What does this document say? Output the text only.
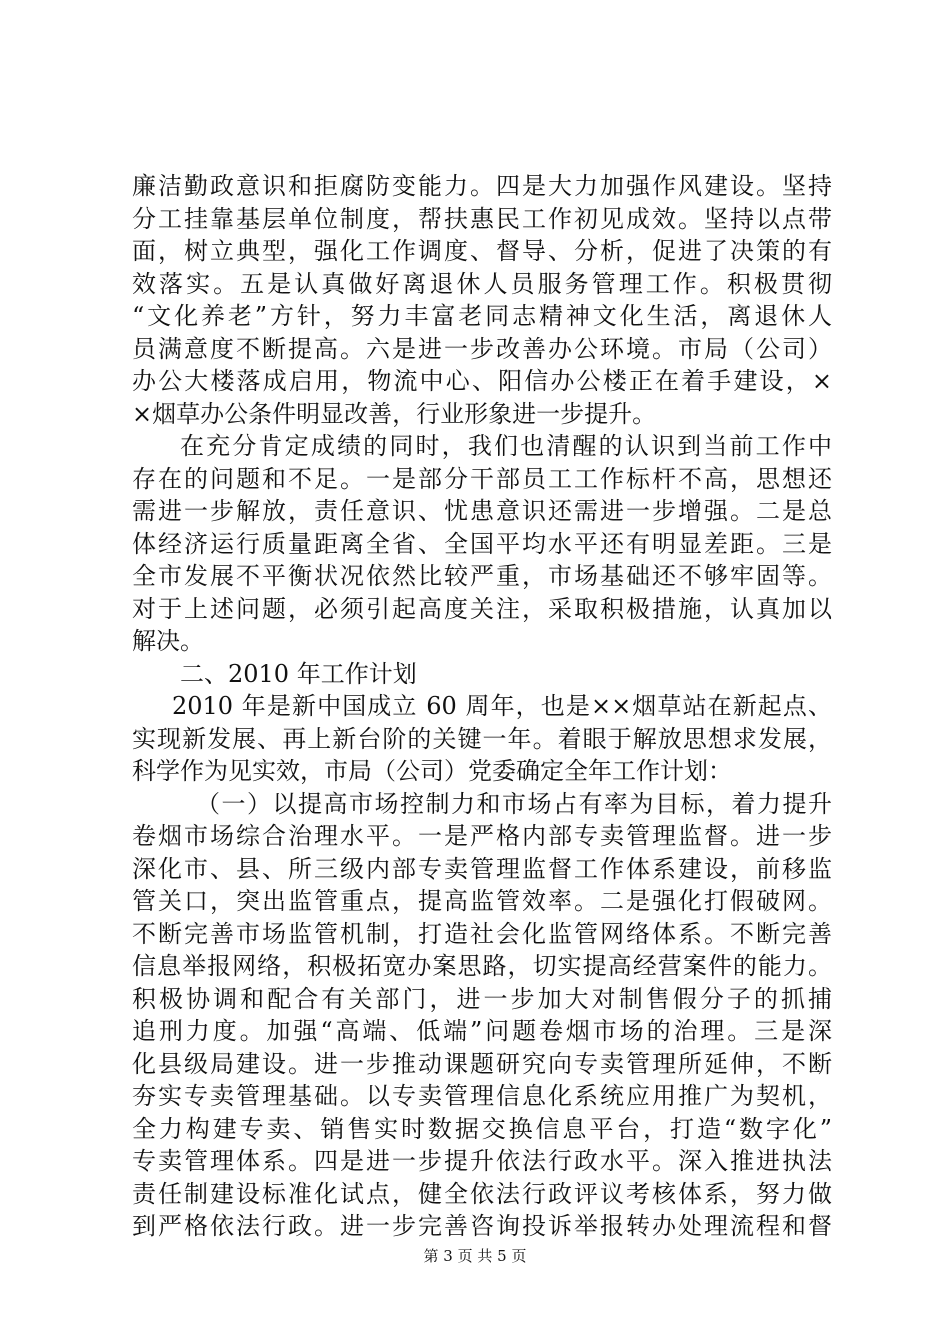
廉洁勤政意识和拒腐防变能力。四是大力加强作风建设。坚持
分工挂靠基层单位制度，帮扶惠民工作初见成效。坚持以点带
面，树立典型，强化工作调度、督导、分析，促进了决策的有
效落实。五是认真做好离退休人员服务管理工作。积极贯彻
“文化养老”方针，努力丰富老同志精神文化生活，离退休人
员满意度不断提高。六是进一步改善办公环境。市局（公司）
办公大楼落成启用，物流中心、阳信办公楼正在着手建设，×
×烟草办公条件明显改善，行业形象进一步提升。
在充分肯定成绩的同时，我们也清醒的认识到当前工作中
存在的问题和不足。一是部分干部员工工作标杆不高，思想还
需进一步解放，责任意识、忧患意识还需进一步增强。二是总
体经济运行质量距离全省、全国平均水平还有明显差距。三是
全市发展不平衡状况依然比较严重，市场基础还不够牢固等。
对于上述问题，必须引起高度关注，采取积极措施，认真加以
解决。
二、2010 年工作计划
2010 年是新中国成立 60 周年，也是××烟草站在新起点、
实现新发展、再上新台阶的关键一年。着眼于解放思想求发展，
科学作为见实效，市局（公司）党委确定全年工作计划：
（一）以提高市场控制力和市场占有率为目标，着力提升
卷烟市场综合治理水平。一是严格内部专卖管理监督。进一步
深化市、县、所三级内部专卖管理监督工作体系建设，前移监
管关口，突出监管重点，提高监管效率。二是强化打假破网。
不断完善市场监管机制，打造社会化监管网络体系。不断完善
信息举报网络，积极拓宽办案思路，切实提高经营案件的能力。
积极协调和配合有关部门，进一步加大对制售假分子的抓捕
追刑力度。加强“高端、低端”问题卷烟市场的治理。三是深
化县级局建设。进一步推动课题研究向专卖管理所延伸，不断
夯实专卖管理基础。以专卖管理信息化系统应用推广为契机，
全力构建专卖、销售实时数据交换信息平台，打造“数字化”
专卖管理体系。四是进一步提升依法行政水平。深入推进执法
责任制建设标准化试点，健全依法行政评议考核体系，努力做
到严格依法行政。进一步完善咨询投诉举报转办处理流程和督
第 3 页 共 5 页
